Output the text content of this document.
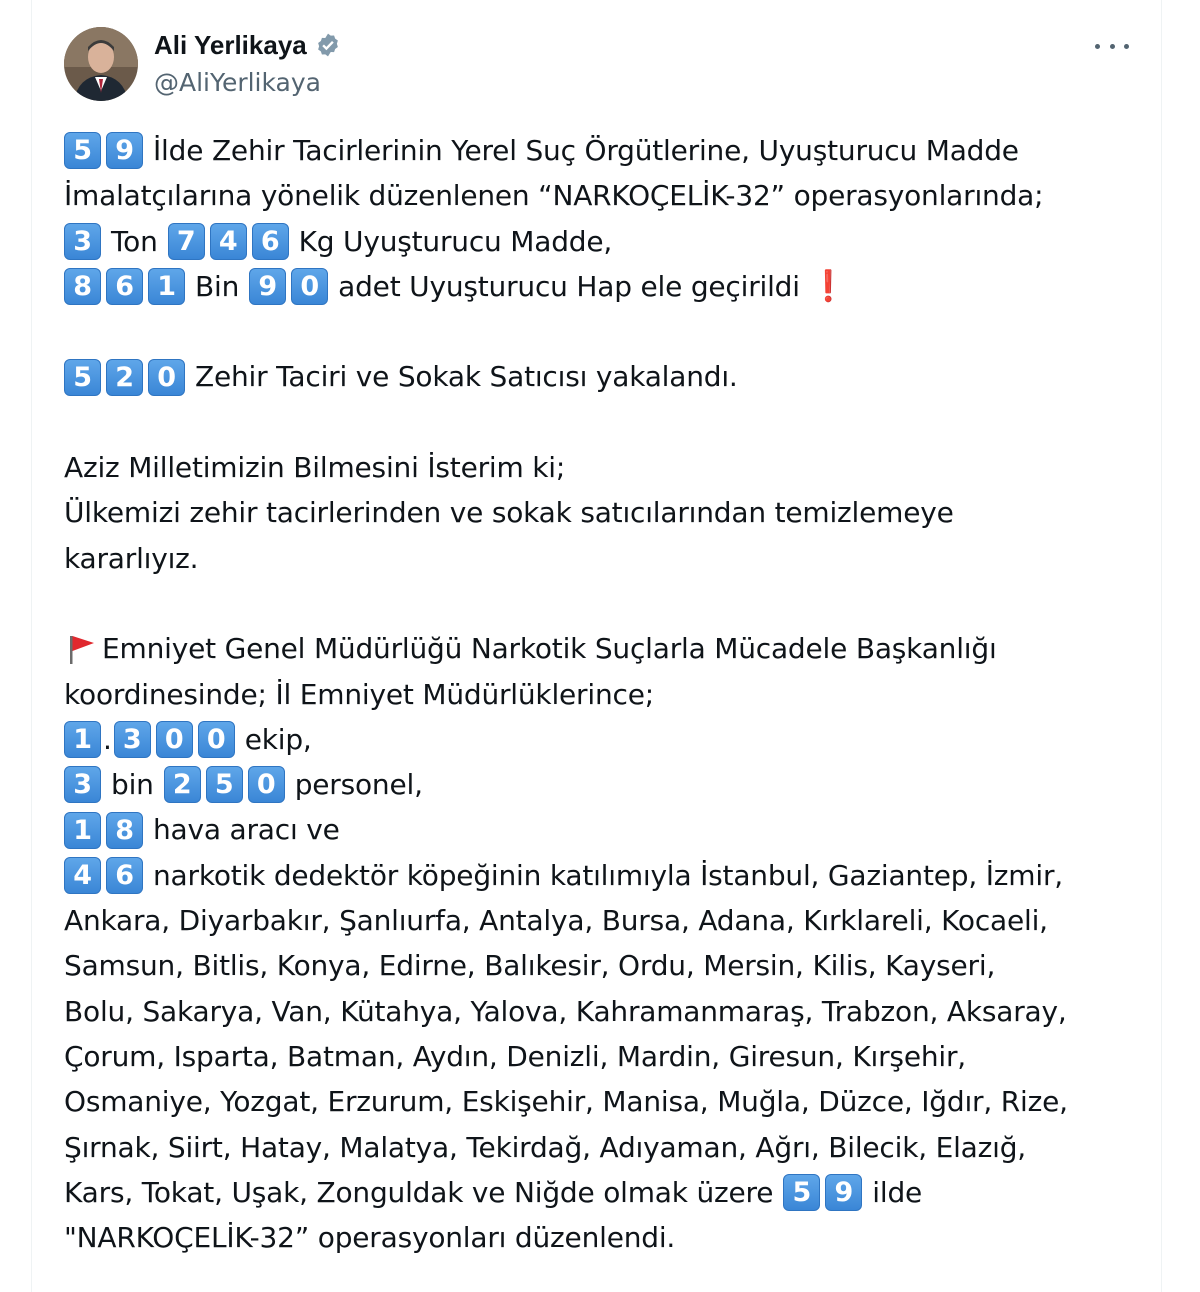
Ali Yerlikaya
@AliYerlikaya
5 9 İlde Zehir Tacirlerinin Yerel Suç Örgütlerine, Uyuşturucu Madde
İmalatçılarına yönelik düzenlenen “NARKOÇELİK-32” operasyonlarında;
3 Ton 7 4 6 Kg Uyuşturucu Madde,
8 6 1 Bin 9 0 adet Uyuşturucu Hap ele geçirildi ❗
5 2 0 Zehir Taciri ve Sokak Satıcısı yakalandı.
Aziz Milletimizin Bilmesini İsterim ki;
Ülkemizi zehir tacirlerinden ve sokak satıcılarından temizlemeye
kararlıyız.
Emniyet Genel Müdürlüğü Narkotik Suçlarla Mücadele Başkanlığı
koordinesinde; İl Emniyet Müdürlüklerince;
1 . 3 0 0 ekip,
3 bin 2 5 0 personel,
1 8 hava aracı ve
4 6 narkotik dedektör köpeğinin katılımıyla İstanbul, Gaziantep, İzmir,
Ankara, Diyarbakır, Şanlıurfa, Antalya, Bursa, Adana, Kırklareli, Kocaeli,
Samsun, Bitlis, Konya, Edirne, Balıkesir, Ordu, Mersin, Kilis, Kayseri,
Bolu, Sakarya, Van, Kütahya, Yalova, Kahramanmaraş, Trabzon, Aksaray,
Çorum, Isparta, Batman, Aydın, Denizli, Mardin, Giresun, Kırşehir,
Osmaniye, Yozgat, Erzurum, Eskişehir, Manisa, Muğla, Düzce, Iğdır, Rize,
Şırnak, Siirt, Hatay, Malatya, Tekirdağ, Adıyaman, Ağrı, Bilecik, Elazığ,
Kars, Tokat, Uşak, Zonguldak ve Niğde olmak üzere 5 9 ilde
"NARKOÇELİK-32” operasyonları düzenlendi.
